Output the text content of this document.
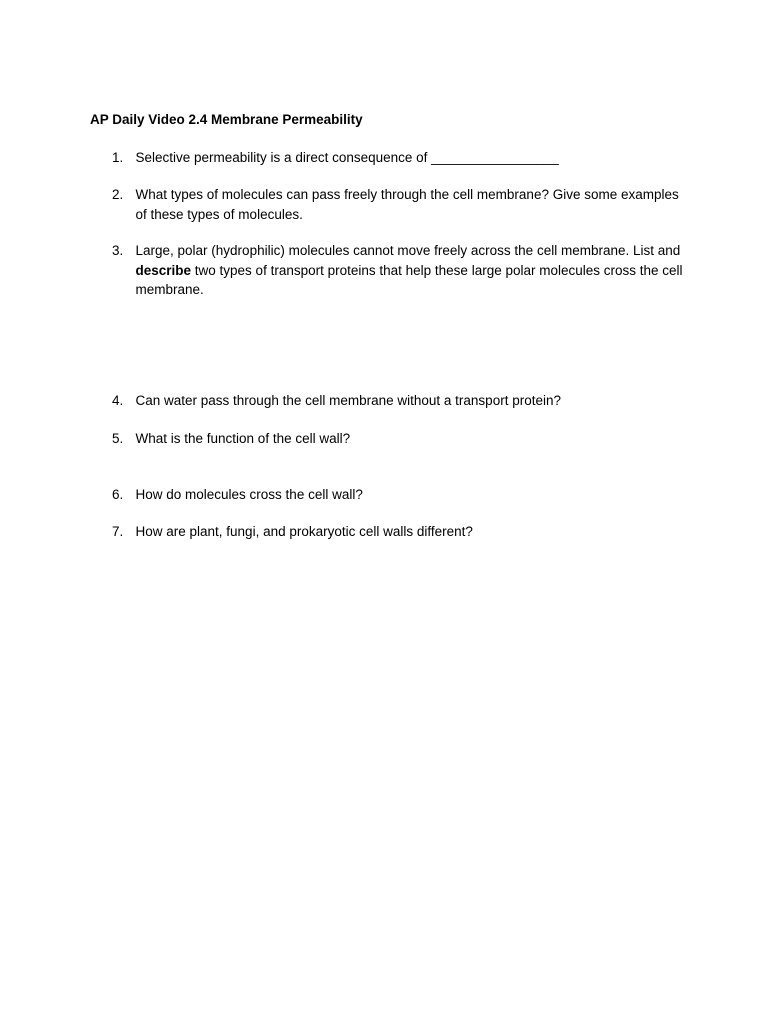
AP Daily Video 2.4 Membrane Permeability
1. Selective permeability is a direct consequence of _________________
2. What types of molecules can pass freely through the cell membrane? Give some examples of these types of molecules.
3. Large, polar (hydrophilic) molecules cannot move freely across the cell membrane. List and describe two types of transport proteins that help these large polar molecules cross the cell membrane.
4. Can water pass through the cell membrane without a transport protein?
5. What is the function of the cell wall?
6. How do molecules cross the cell wall?
7. How are plant, fungi, and prokaryotic cell walls different?
